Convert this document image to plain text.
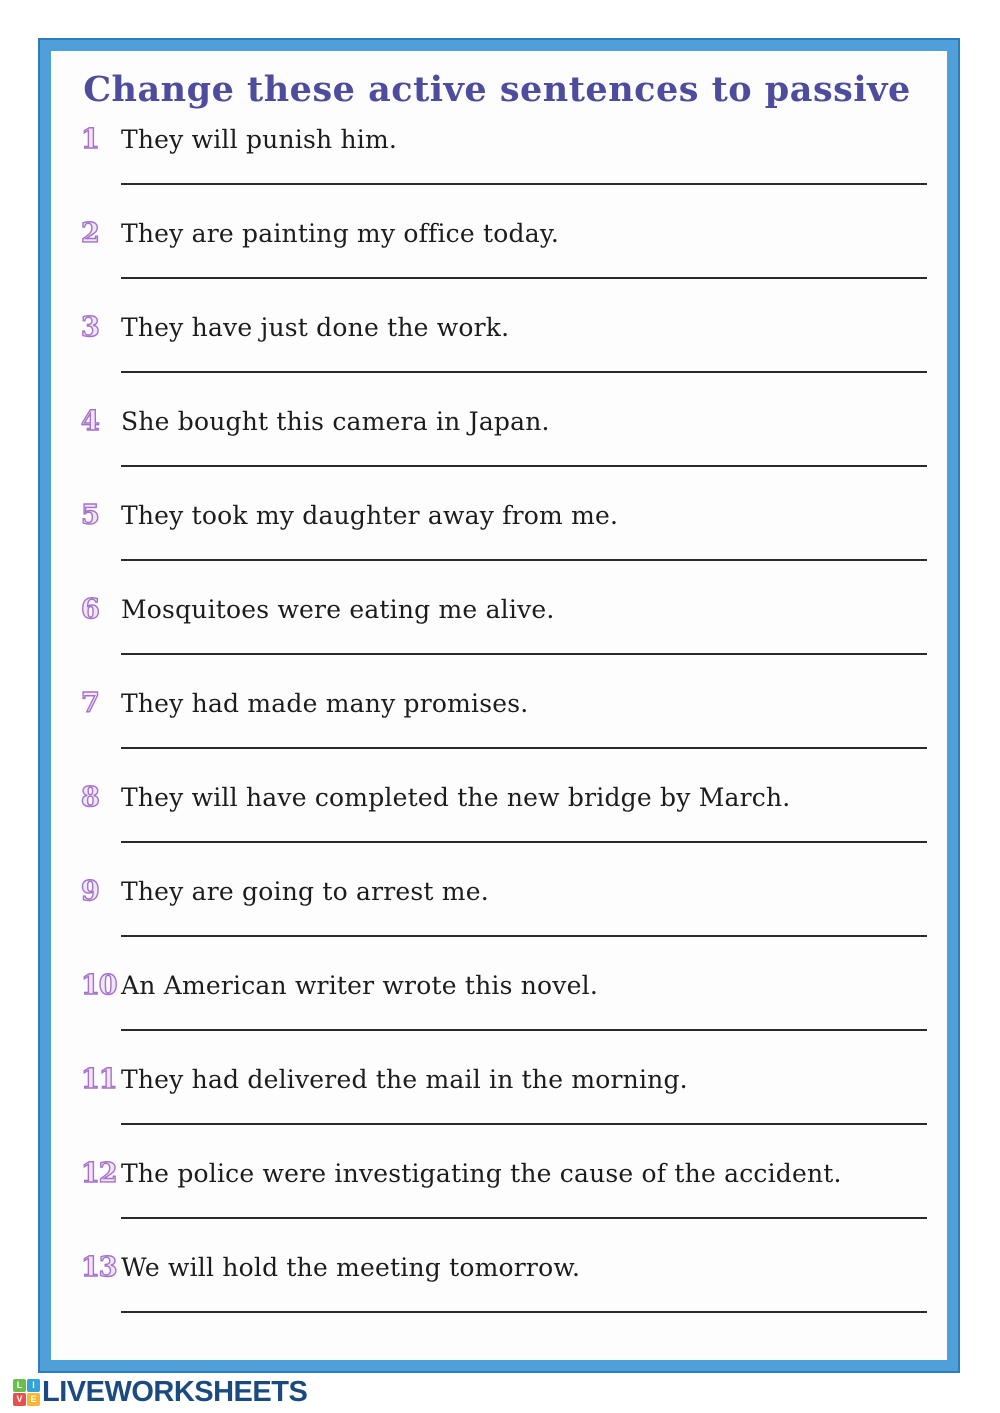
Change these active sentences to passive
1 They will punish him.
2 They are painting my office today.
3 They have just done the work.
4 She bought this camera in Japan.
5 They took my daughter away from me.
6 Mosquitoes were eating me alive.
7 They had made many promises.
8 They will have completed the new bridge by March.
9 They are going to arrest me.
10 An American writer wrote this novel.
11 They had delivered the mail in the morning.
12 The police were investigating the cause of the accident.
13 We will hold the meeting tomorrow.
L	I
V E LIVEWORKSHEETS
